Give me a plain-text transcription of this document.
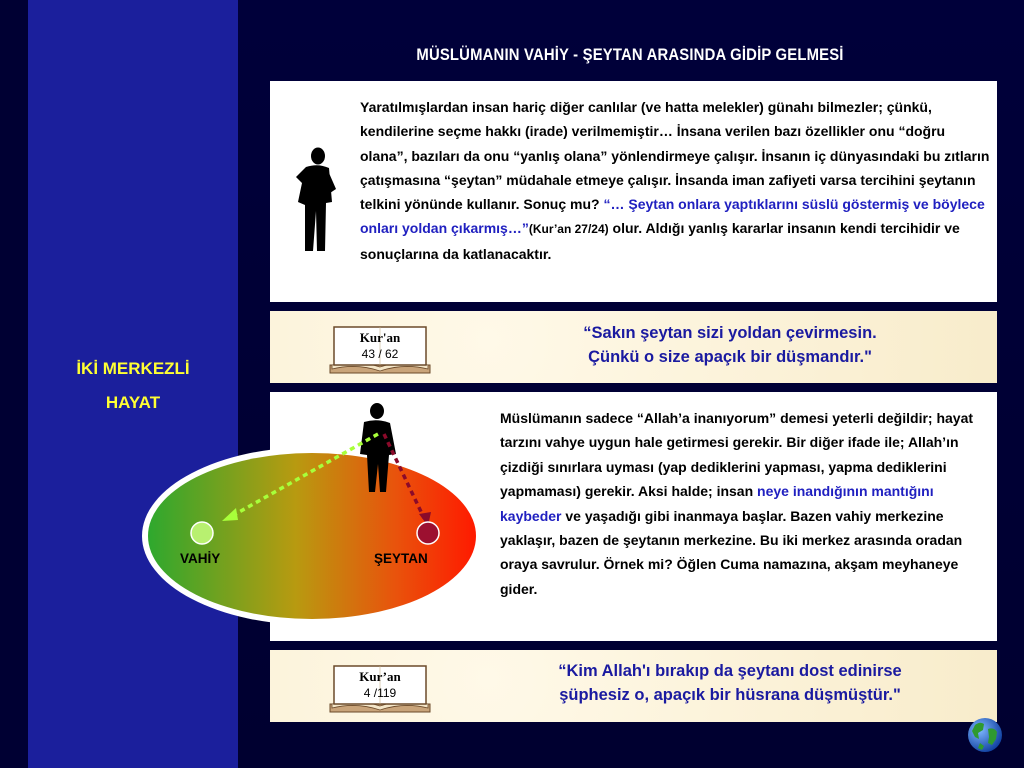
MÜSLÜMANIN VAHİY - ŞEYTAN ARASINDA GİDİP GELMESİ
İKİ MERKEZLİ
HAYAT
Yaratılmışlardan insan hariç diğer canlılar (ve hatta melekler) günahı bilmezler; çünkü, kendilerine seçme hakkı (irade) verilmemiştir… İnsana verilen bazı özellikler onu “doğru olana”, bazıları da onu “yanlış olana” yönlendirmeye çalışır. İnsanın iç dünyasındaki bu zıtların çatışmasına “şeytan” müdahale etmeye çalışır. İnsanda iman zafiyeti varsa tercihini şeytanın telkini yönünde kullanır. Sonuç mu? “… Şeytan onlara yaptıklarını süslü göstermiş ve böylece onları yoldan çıkarmış…”(Kur’an 27/24) olur. Aldığı yanlış kararlar insanın kendi tercihidir ve sonuçlarına da katlanacaktır.
Kur'an
43 / 62
“Sakın şeytan sizi yoldan çevirmesin.
Çünkü o size apaçık bir düşmandır."
Müslümanın sadece “Allah’a inanıyorum” demesi yeterli değildir; hayat tarzını vahye uygun hale getirmesi gerekir. Bir diğer ifade ile; Allah’ın çizdiği sınırlara uyması (yap dediklerini yapması, yapma dediklerini yapmaması) gerekir. Aksi halde; insan neye inandığının mantığını kaybeder ve yaşadığı gibi inanmaya başlar. Bazen vahiy merkezine yaklaşır, bazen de şeytanın merkezine. Bu iki merkez arasında oradan oraya savrulur. Örnek mi? Öğlen Cuma namazına, akşam meyhaneye gider.
VAHİY	ŞEYTAN
Kur’an
4 /119
“Kim Allah'ı bırakıp da şeytanı dost edinirse
şüphesiz o, apaçık bir hüsrana düşmüştür."
